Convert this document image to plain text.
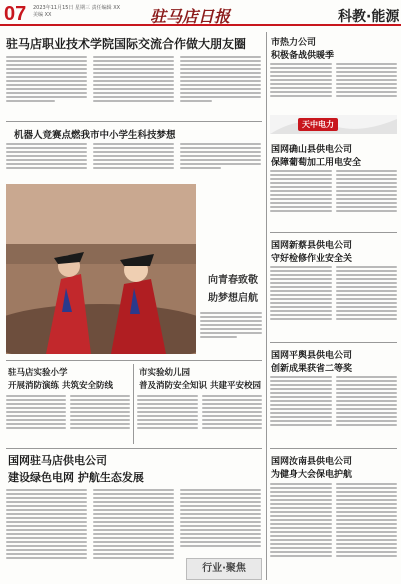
07 2023年11月15日 星期三 责任编辑 XX 美编 XX	驻马店日报	科教·能源
驻马店职业技术学院国际交流合作做大朋友圈
机器人竞赛点燃我市中小学生科技梦想
向青春致敬
助梦想启航
驻马店实验小学
开展消防演练 共筑安全防线
市实验幼儿园
普及消防安全知识 共建平安校园
国网驻马店供电公司
建设绿色电网 护航生态发展
行业·聚焦
市热力公司
积极备战供暖季
天中电力
国网确山县供电公司
保障葡萄加工用电安全
国网新蔡县供电公司
守好检修作业安全关
国网平舆县供电公司
创新成果获省二等奖
国网汝南县供电公司
为健身大会保电护航
